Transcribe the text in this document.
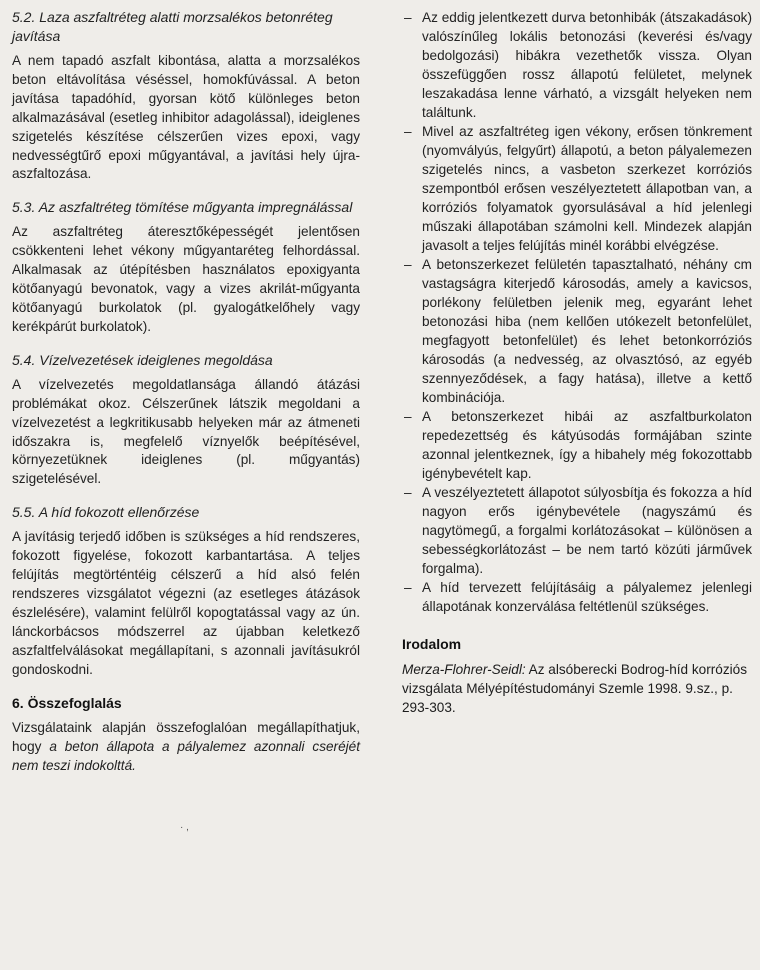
5.2. Laza aszfaltréteg alatti morzsalékos betonréteg javítása
A nem tapadó aszfalt kibontása, alatta a morzsalékos beton eltávolítása véséssel, homokfúvással. A beton javítása tapadóhíd, gyorsan kötő különleges beton alkalmazásával (esetleg inhibitor adagolással), ideiglenes szigetelés készítése célszerűen vizes epoxi, vagy nedvességtűrő epoxi műgyantával, a javítási hely újraaszfaltozása.
5.3. Az aszfaltréteg tömítése műgyanta impregnálással
Az aszfaltréteg áteresztőképességét jelentősen csökkenteni lehet vékony műgyantaréteg felhordással. Alkalmasak az útépítésben használatos epoxigyanta kötőanyagú bevonatok, vagy a vizes akrilát-műgyanta kötőanyagú burkolatok (pl. gyalogátkelőhely vagy kerékpárút burkolatok).
5.4. Vízelvezetések ideiglenes megoldása
A vízelvezetés megoldatlansága állandó átázási problémákat okoz. Célszerűnek látszik megoldani a vízelvezetést a legkritikusabb helyeken már az átmeneti időszakra is, megfelelő víznyelők beépítésével, környezetüknek ideiglenes (pl. műgyantás) szigetelésével.
5.5. A híd fokozott ellenőrzése
A javításig terjedő időben is szükséges a híd rendszeres, fokozott figyelése, fokozott karbantartása. A teljes felújítás megtörténtéig célszerű a híd alsó felén rendszeres vizsgálatot végezni (az esetleges átázások észlelésére), valamint felülről kopogtatással vagy az ún. lánckorbácsos módszerrel az újabban keletkező aszfaltfelválásokat megállapítani, s azonnali javításukról gondoskodni.
6. Összefoglalás
Vizsgálataink alapján összefoglalóan megállapíthatjuk, hogy a beton állapota a pályalemez azonnali cseréjét nem teszi indokolttá.
– Az eddig jelentkezett durva betonhibák (átszakadások) valószínűleg lokális betonozási (keverési és/vagy bedolgozási) hibákra vezethetők vissza. Olyan összefüggően rossz állapotú felületet, melynek leszakadása lenne várható, a vizsgált helyeken nem találtunk.
– Mivel az aszfaltréteg igen vékony, erősen tönkrement (nyomvályús, felgyűrt) állapotú, a beton pályalemezen szigetelés nincs, a vasbeton szerkezet korróziós szempontból erősen veszélyeztetett állapotban van, a korróziós folyamatok gyorsulásával a híd jelenlegi műszaki állapotában számolni kell. Mindezek alapján javasolt a teljes felújítás minél korábbi elvégzése.
– A betonszerkezet felületén tapasztalható, néhány cm vastagságra kiterjedő károsodás, amely a kavicsos, porlékony felületben jelenik meg, egyaránt lehet betonozási hiba (nem kellően utókezelt betonfelület, megfagyott betonfelület) és lehet betonkorróziós károsodás (a nedvesség, az olvasztósó, az egyéb szennyeződések, a fagy hatása), illetve a kettő kombinációja.
– A betonszerkezet hibái az aszfaltburkolaton repedezettség és kátyúsodás formájában szinte azonnal jelentkeznek, így a hibahely még fokozottabb igénybevételt kap.
– A veszélyeztetett állapotot súlyosbítja és fokozza a híd nagyon erős igénybevétele (nagyszámú és nagytömegű, a forgalmi korlátozásokat – különösen a sebességkorlátozást – be nem tartó közúti járművek forgalma).
– A híd tervezett felújításáig a pályalemez jelenlegi állapotának konzerválása feltétlenül szükséges.
Irodalom
Merza-Flohrer-Seidl: Az alsóberecki Bodrog-híd korróziós vizsgálata Mélyépítéstudományi Szemle 1998. 9.sz., p. 293-303.
· ,
